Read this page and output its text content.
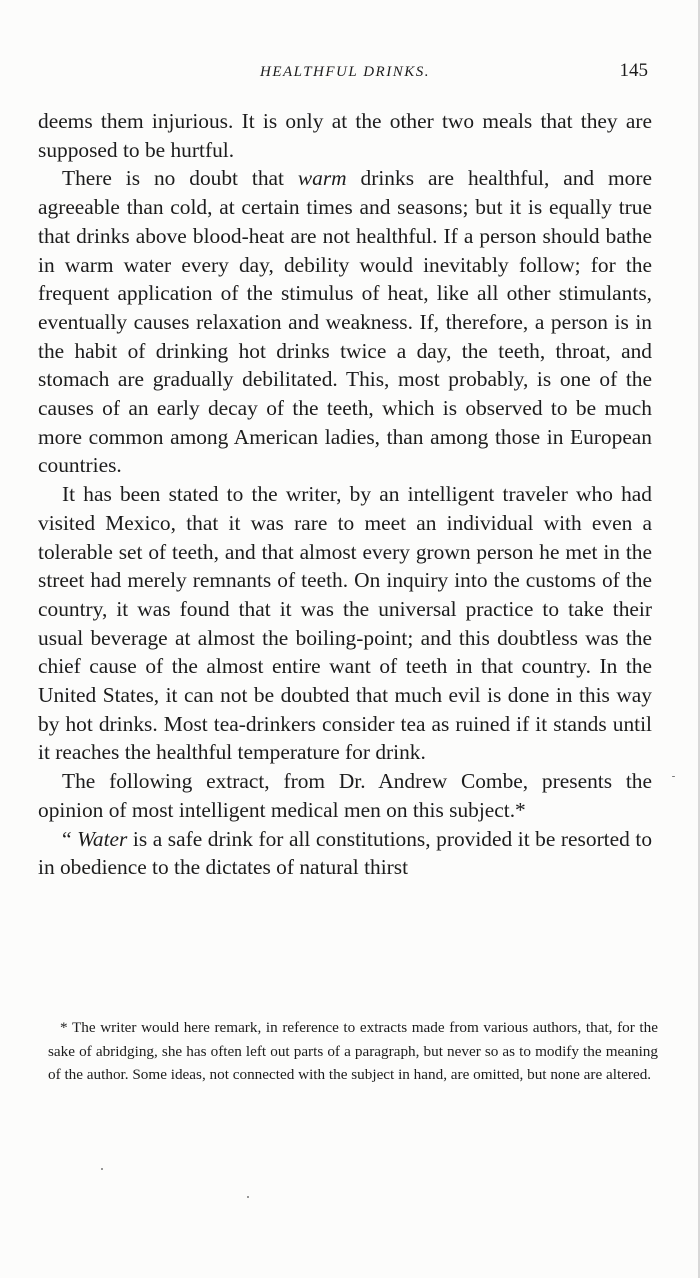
HEALTHFUL DRINKS.	145

deems them injurious. It is only at the other two meals that they are supposed to be hurtful.

There is no doubt that warm drinks are healthful, and more agreeable than cold, at certain times and seasons; but it is equally true that drinks above blood-heat are not healthful. If a person should bathe in warm water every day, debility would inevitably follow; for the frequent application of the stimulus of heat, like all other stimulants, eventually causes relaxation and weakness. If, therefore, a person is in the habit of drinking hot drinks twice a day, the teeth, throat, and stomach are gradually debilitated. This, most probably, is one of the causes of an early decay of the teeth, which is observed to be much more common among American ladies, than among those in European countries.

It has been stated to the writer, by an intelligent traveler who had visited Mexico, that it was rare to meet an individual with even a tolerable set of teeth, and that almost every grown person he met in the street had merely remnants of teeth. On inquiry into the customs of the country, it was found that it was the universal practice to take their usual beverage at almost the boiling-point; and this doubtless was the chief cause of the almost entire want of teeth in that country. In the United States, it can not be doubted that much evil is done in this way by hot drinks. Most tea-drinkers consider tea as ruined if it stands until it reaches the healthful temperature for drink.

The following extract, from Dr. Andrew Combe, presents the opinion of most intelligent medical men on this subject.*

“ Water is a safe drink for all constitutions, provided it be resorted to in obedience to the dictates of natural thirst

* The writer would here remark, in reference to extracts made from various authors, that, for the sake of abridging, she has often left out parts of a paragraph, but never so as to modify the meaning of the author. Some ideas, not connected with the subject in hand, are omitted, but none are altered.
